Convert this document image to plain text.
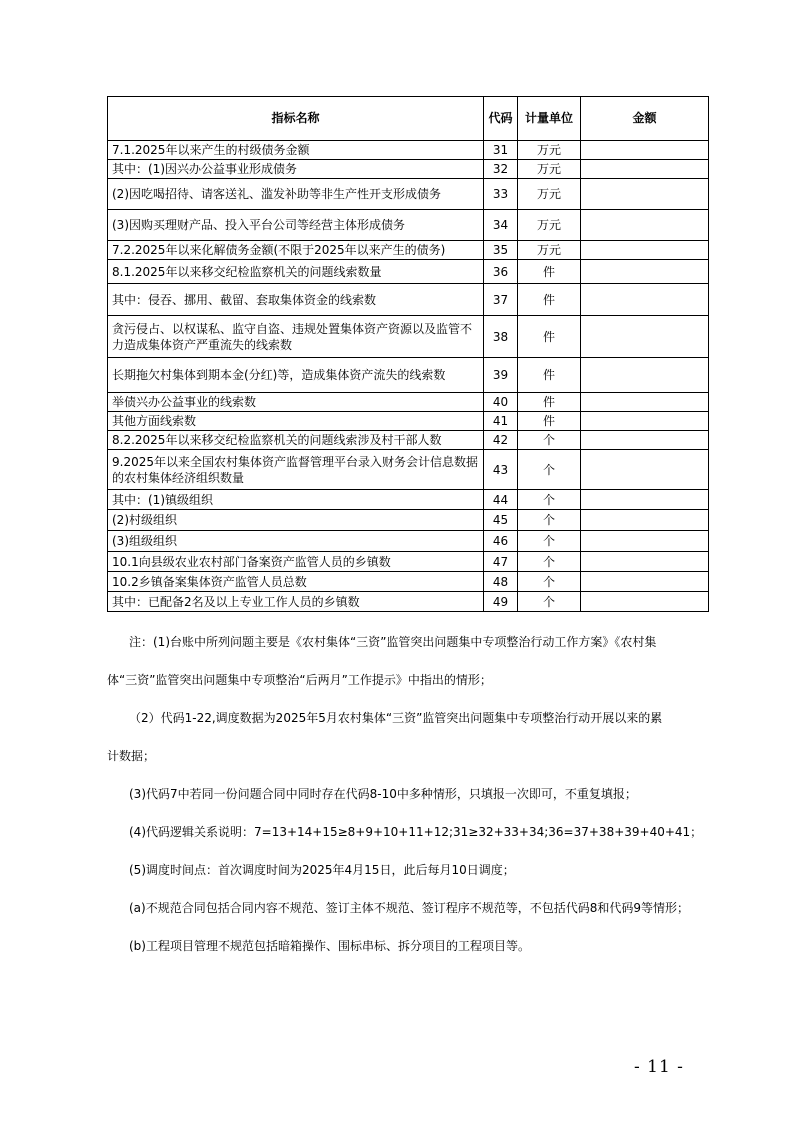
指标名称	代码	计量单位	金额
7.1.2025年以来产生的村级债务金额	31	万元	
其中：(1)因兴办公益事业形成债务	32	万元	
(2)因吃喝招待、请客送礼、滥发补助等非生产性开支形成债务	33	万元	
(3)因购买理财产品、投入平台公司等经营主体形成债务	34	万元	
7.2.2025年以来化解债务金额(不限于2025年以来产生的债务)	35	万元	
8.1.2025年以来移交纪检监察机关的问题线索数量	36	件	
其中：侵吞、挪用、截留、套取集体资金的线索数	37	件	
贪污侵占、以权谋私、监守自盗、违规处置集体资产资源以及监管不力造成集体资产严重流失的线索数	38	件	
长期拖欠村集体到期本金(分红)等，造成集体资产流失的线索数	39	件	
举债兴办公益事业的线索数	40	件	
其他方面线索数	41	件	
8.2.2025年以来移交纪检监察机关的问题线索涉及村干部人数	42	个	
9.2025年以来全国农村集体资产监督管理平台录入财务会计信息数据的农村集体经济组织数量	43	个	
其中：(1)镇级组织	44	个	
(2)村级组织	45	个	
(3)组级组织	46	个	
10.1向县级农业农村部门备案资产监管人员的乡镇数	47	个	
10.2乡镇备案集体资产监管人员总数	48	个	
其中：已配备2名及以上专业工作人员的乡镇数	49	个	
注：(1)台账中所列问题主要是《农村集体“三资”监管突出问题集中专项整治行动工作方案》《农村集
体“三资”监管突出问题集中专项整治“后两月”工作提示》中指出的情形；
（2）代码1-22,调度数据为2025年5月农村集体“三资”监管突出问题集中专项整治行动开展以来的累
计数据；
(3)代码7中若同一份问题合同中同时存在代码8-10中多种情形，只填报一次即可，不重复填报；
(4)代码逻辑关系说明：7=13+14+15≥8+9+10+11+12;31≥32+33+34;36=37+38+39+40+41；
(5)调度时间点：首次调度时间为2025年4月15日，此后每月10日调度；
(a)不规范合同包括合同内容不规范、签订主体不规范、签订程序不规范等，不包括代码8和代码9等情形；
(b)工程项目管理不规范包括暗箱操作、围标串标、拆分项目的工程项目等。
- 11 -
